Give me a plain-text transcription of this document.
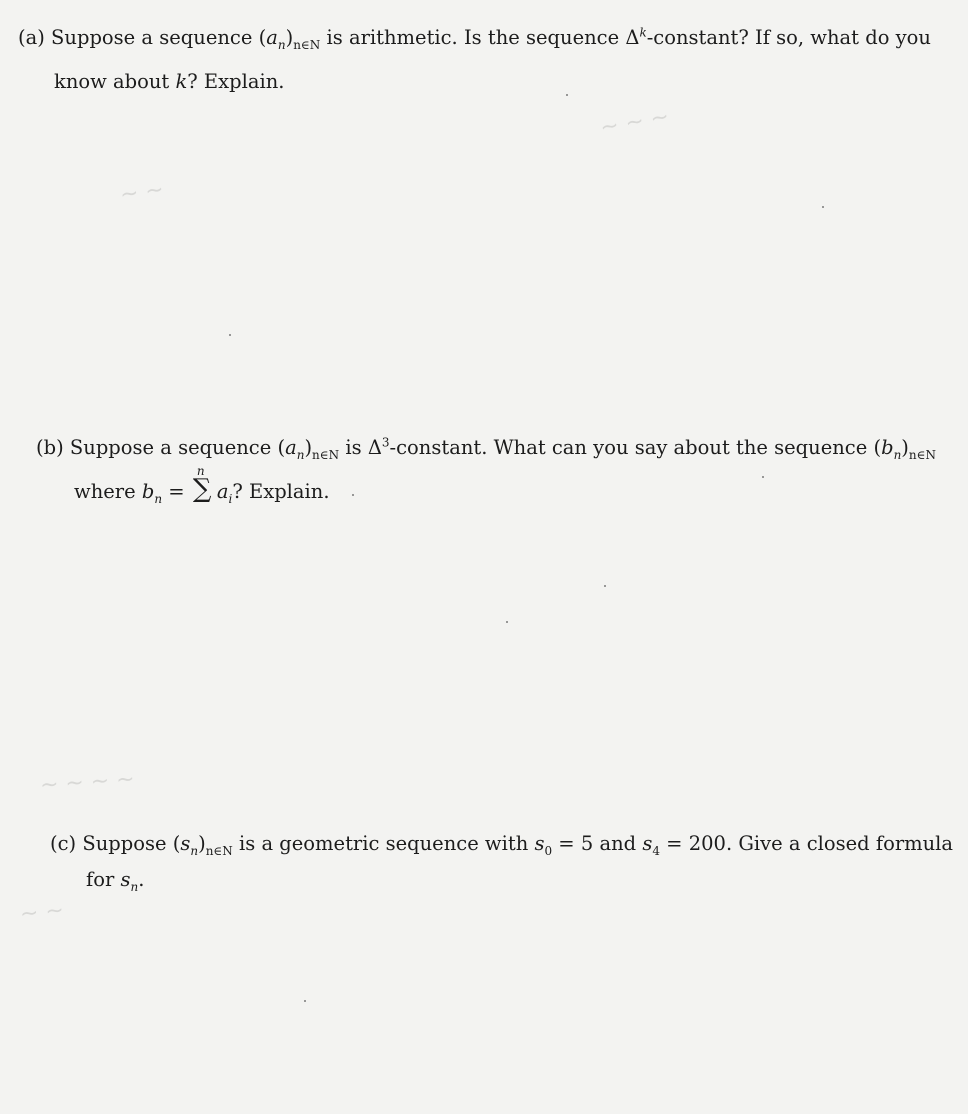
(a) Suppose a sequence $(a_n)_{n\in N}$ is arithmetic. Is the sequence $\Delta^k$-constant? If so, what do you
know about k? Explain.
(b) Suppose a sequence $(a_n)_{n\in N}$ is $\Delta^3$-constant. What can you say about the sequence $(b_n)_{n\in N}$
where $b_n$ =
n
∑ $a_i$? Explain.
(c) Suppose $(s_n)_{n\in N}$ is a geometric sequence with $s_0 = 5$ and $s_4 = 200$. Give a closed formula
for $s_n$.
~ ~
~ ~ ~
~ ~ ~ ~
~ ~
